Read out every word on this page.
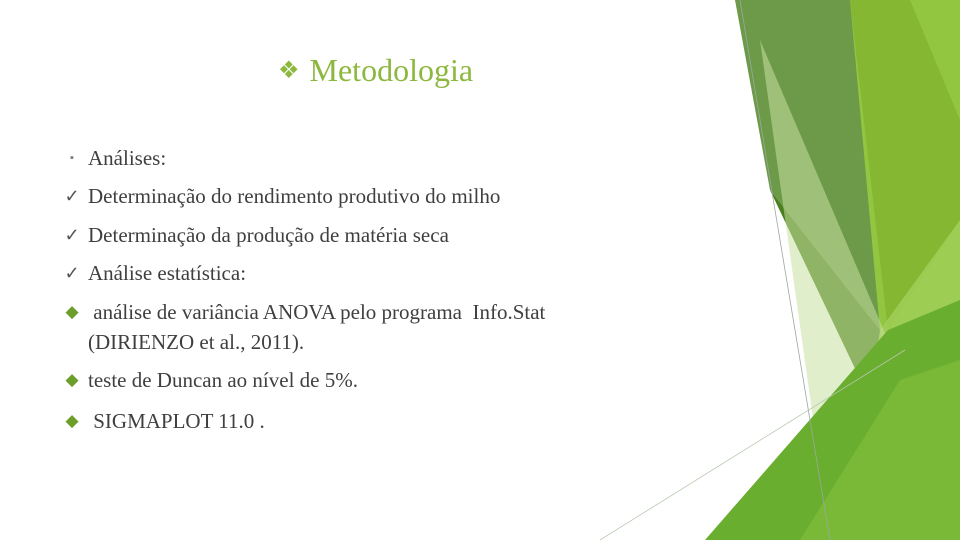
❖ Metodologia
▪ Análises:
✓ Determinação do rendimento produtivo do milho
✓ Determinação da produção de matéria seca
✓ Análise estatística:
◆ análise de variância ANOVA pelo programa  Info.Stat
(DIRIENZO et al., 2011).
◆ teste de Duncan ao nível de 5%.
◆ SIGMAPLOT 11.0 .
